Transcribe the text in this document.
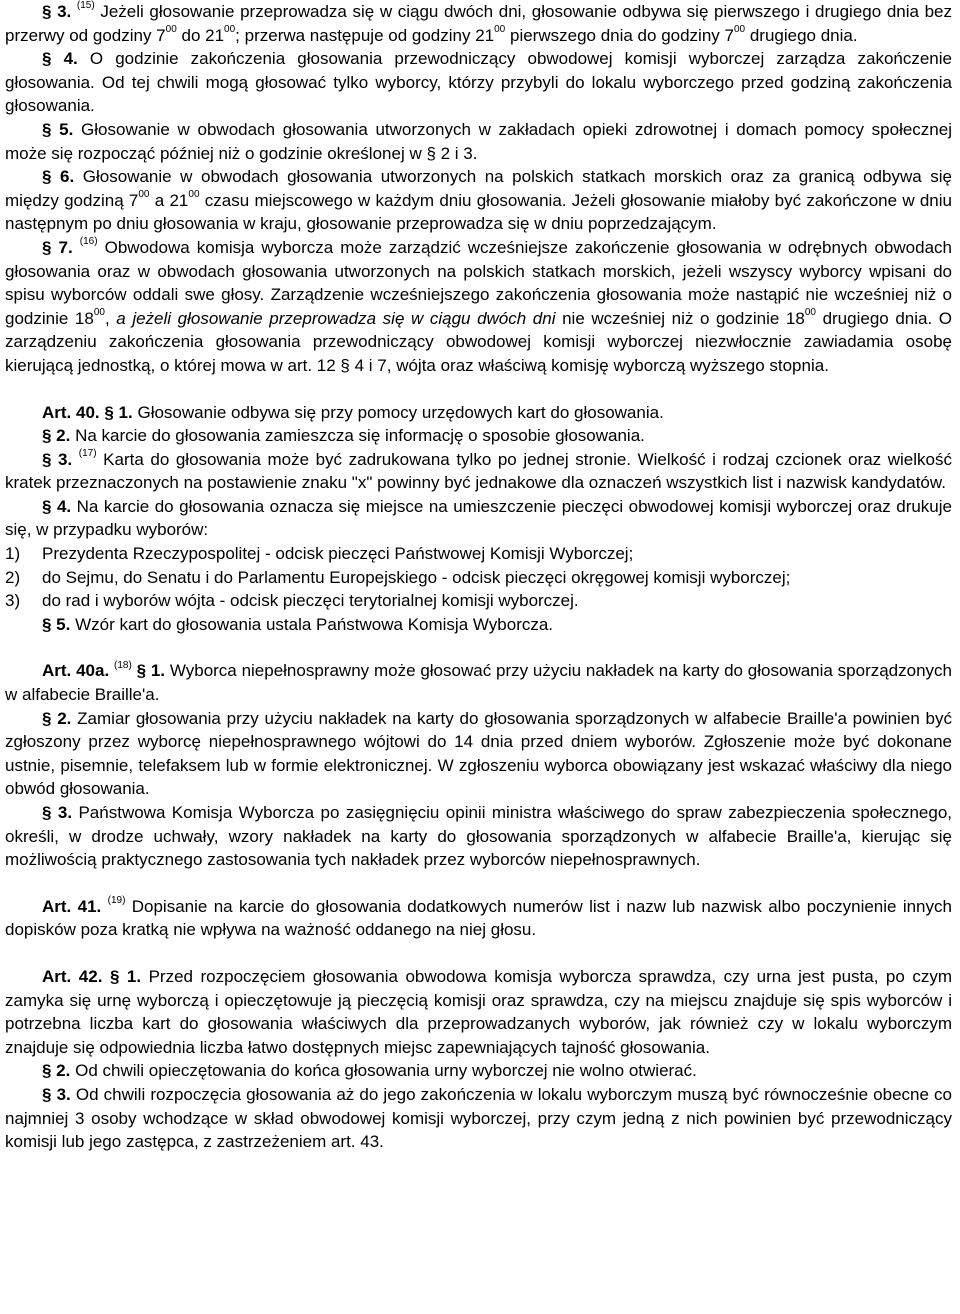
§ 3. $^{(15)}$ Jeżeli głosowanie przeprowadza się w ciągu dwóch dni, głosowanie odbywa się pierwszego i drugiego dnia bez przerwy od godziny $7^{00}$ do $21^{00}$; przerwa następuje od godziny $21^{00}$ pierwszego dnia do godziny $7^{00}$ drugiego dnia.

§ 4. O godzinie zakończenia głosowania przewodniczący obwodowej komisji wyborczej zarządza zakończenie głosowania. Od tej chwili mogą głosować tylko wyborcy, którzy przybyli do lokalu wyborczego przed godziną zakończenia głosowania.

§ 5. Głosowanie w obwodach głosowania utworzonych w zakładach opieki zdrowotnej i domach pomocy społecznej może się rozpocząć później niż o godzinie określonej w § 2 i 3.

§ 6. Głosowanie w obwodach głosowania utworzonych na polskich statkach morskich oraz za granicą odbywa się między godziną $7^{00}$ a $21^{00}$ czasu miejscowego w każdym dniu głosowania. Jeżeli głosowanie miałoby być zakończone w dniu następnym po dniu głosowania w kraju, głosowanie przeprowadza się w dniu poprzedzającym.

§ 7. $^{(16)}$ Obwodowa komisja wyborcza może zarządzić wcześniejsze zakończenie głosowania w odrębnych obwodach głosowania oraz w obwodach głosowania utworzonych na polskich statkach morskich, jeżeli wszyscy wyborcy wpisani do spisu wyborców oddali swe głosy. Zarządzenie wcześniejszego zakończenia głosowania może nastąpić nie wcześniej niż o godzinie $18^{00}$, a jeżeli głosowanie przeprowadza się w ciągu dwóch dni nie wcześniej niż o godzinie $18^{00}$ drugiego dnia. O zarządzeniu zakończenia głosowania przewodniczący obwodowej komisji wyborczej niezwłocznie zawiadamia osobę kierującą jednostką, o której mowa w art. 12 § 4 i 7, wójta oraz właściwą komisję wyborczą wyższego stopnia.

Art. 40. § 1. Głosowanie odbywa się przy pomocy urzędowych kart do głosowania.

§ 2. Na karcie do głosowania zamieszcza się informację o sposobie głosowania.

§ 3. $^{(17)}$ Karta do głosowania może być zadrukowana tylko po jednej stronie. Wielkość i rodzaj czcionek oraz wielkość kratek przeznaczonych na postawienie znaku "x" powinny być jednakowe dla oznaczeń wszystkich list i nazwisk kandydatów.

§ 4. Na karcie do głosowania oznacza się miejsce na umieszczenie pieczęci obwodowej komisji wyborczej oraz drukuje się, w przypadku wyborów:

1)	Prezydenta Rzeczypospolitej - odcisk pieczęci Państwowej Komisji Wyborczej;
2)	do Sejmu, do Senatu i do Parlamentu Europejskiego - odcisk pieczęci okręgowej komisji wyborczej;
3)	do rad i wyborów wójta - odcisk pieczęci terytorialnej komisji wyborczej.

§ 5. Wzór kart do głosowania ustala Państwowa Komisja Wyborcza.

Art. 40a. $^{(18)}$ § 1. Wyborca niepełnosprawny może głosować przy użyciu nakładek na karty do głosowania sporządzonych w alfabecie Braille'a.

§ 2. Zamiar głosowania przy użyciu nakładek na karty do głosowania sporządzonych w alfabecie Braille'a powinien być zgłoszony przez wyborcę niepełnosprawnego wójtowi do 14 dnia przed dniem wyborów. Zgłoszenie może być dokonane ustnie, pisemnie, telefaksem lub w formie elektronicznej. W zgłoszeniu wyborca obowiązany jest wskazać właściwy dla niego obwód głosowania.

§ 3. Państwowa Komisja Wyborcza po zasięgnięciu opinii ministra właściwego do spraw zabezpieczenia społecznego, określi, w drodze uchwały, wzory nakładek na karty do głosowania sporządzonych w alfabecie Braille'a, kierując się możliwością praktycznego zastosowania tych nakładek przez wyborców niepełnosprawnych.

Art. 41. $^{(19)}$ Dopisanie na karcie do głosowania dodatkowych numerów list i nazw lub nazwisk albo poczynienie innych dopisków poza kratką nie wpływa na ważność oddanego na niej głosu.

Art. 42. § 1. Przed rozpoczęciem głosowania obwodowa komisja wyborcza sprawdza, czy urna jest pusta, po czym zamyka się urnę wyborczą i opieczętowuje ją pieczęcią komisji oraz sprawdza, czy na miejscu znajduje się spis wyborców i potrzebna liczba kart do głosowania właściwych dla przeprowadzanych wyborów, jak również czy w lokalu wyborczym znajduje się odpowiednia liczba łatwo dostępnych miejsc zapewniających tajność głosowania.

§ 2. Od chwili opieczętowania do końca głosowania urny wyborczej nie wolno otwierać.

§ 3. Od chwili rozpoczęcia głosowania aż do jego zakończenia w lokalu wyborczym muszą być równocześnie obecne co najmniej 3 osoby wchodzące w skład obwodowej komisji wyborczej, przy czym jedną z nich powinien być przewodniczący komisji lub jego zastępca, z zastrzeżeniem art. 43.
